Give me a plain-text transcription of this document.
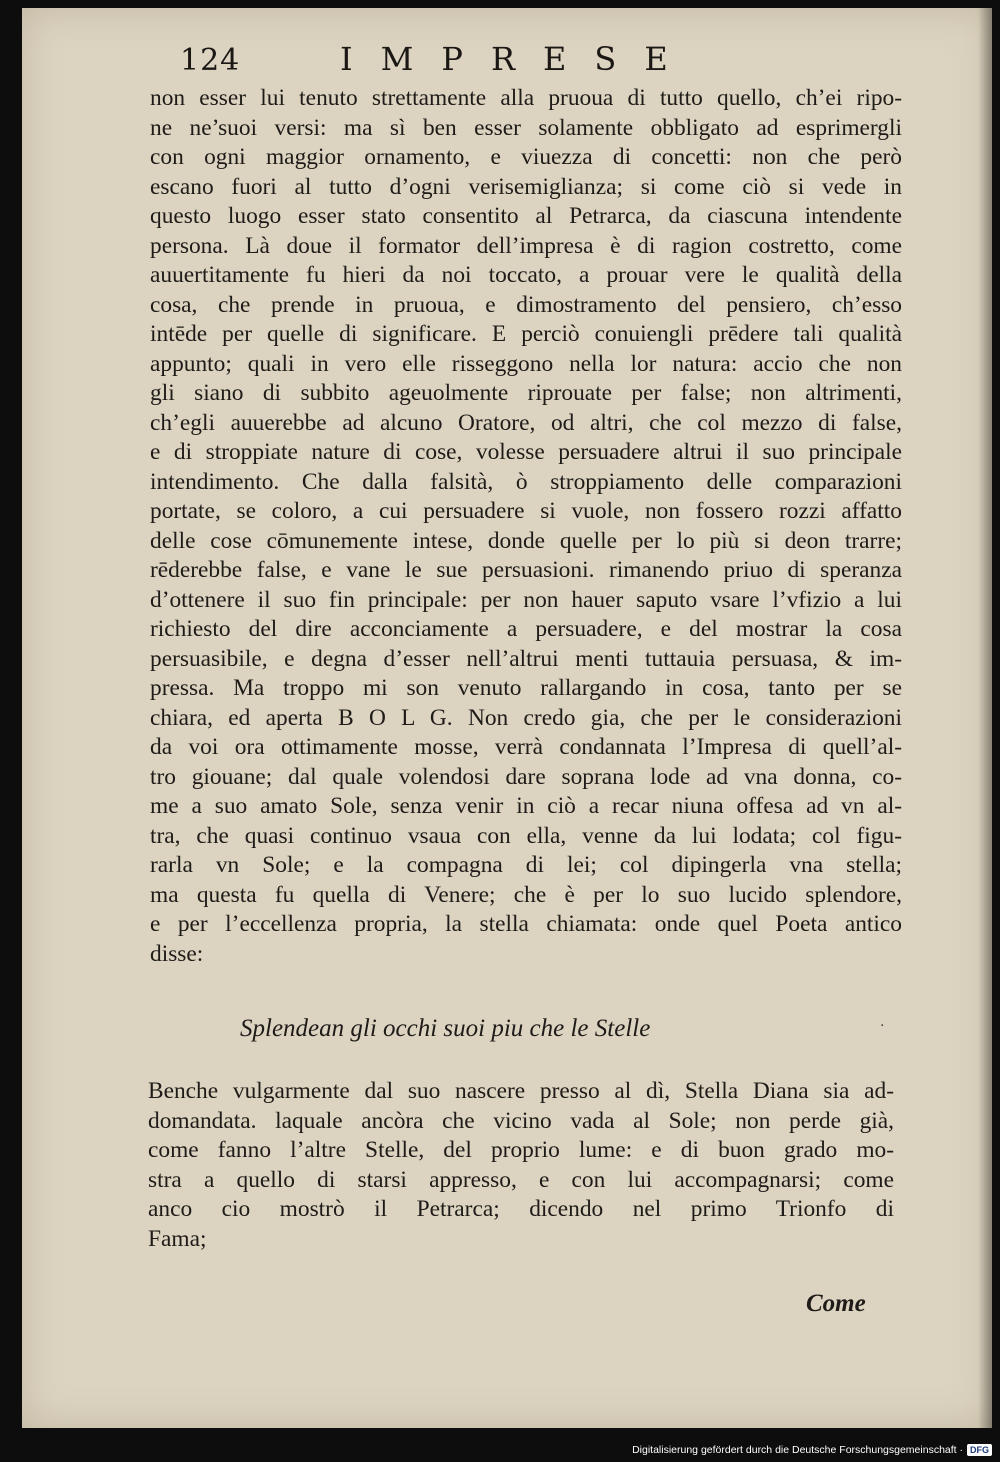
124	IMPRESE
non esser lui tenuto strettamente alla pruoua di tutto quello, ch’ei ripo-
ne ne’suoi versi: ma sì ben esser solamente obbligato ad esprimergli
con ogni maggior ornamento, e viuezza di concetti: non che però
escano fuori al tutto d’ogni verisemiglianza; si come ciò si vede in
questo luogo esser stato consentito al Petrarca, da ciascuna intendente
persona. Là doue il formator dell’impresa è di ragion costretto, come
auuertitamente fu hieri da noi toccato, a prouar vere le qualità della
cosa, che prende in pruoua, e dimostramento del pensiero, ch’esso
intēde per quelle di significare. E perciò conuiengli prēdere tali qualità
appunto; quali in vero elle risseggono nella lor natura: accio che non
gli siano di subbito ageuolmente riprouate per false; non altrimenti,
ch’egli auuerebbe ad alcuno Oratore, od altri, che col mezzo di false,
e di stroppiate nature di cose, volesse persuadere altrui il suo principale
intendimento. Che dalla falsità, ò stroppiamento delle comparazioni
portate, se coloro, a cui persuadere si vuole, non fossero rozzi affatto
delle cose cōmunemente intese, donde quelle per lo più si deon trarre;
rēderebbe false, e vane le sue persuasioni. rimanendo priuo di speranza
d’ottenere il suo fin principale: per non hauer saputo vsare l’vfizio a lui
richiesto del dire acconciamente a persuadere, e del mostrar la cosa
persuasibile, e degna d’esser nell’altrui menti tuttauia persuasa, & im-
pressa. Ma troppo mi son venuto rallargando in cosa, tanto per se
chiara, ed aperta B O L G. Non credo gia, che per le considerazioni
da voi ora ottimamente mosse, verrà condannata l’Impresa di quell’al-
tro giouane; dal quale volendosi dare soprana lode ad vna donna, co-
me a suo amato Sole, senza venir in ciò a recar niuna offesa ad vn al-
tra, che quasi continuo vsaua con ella, venne da lui lodata; col figu-
rarla vn Sole; e la compagna di lei; col dipingerla vna stella;
ma questa fu quella di Venere; che è per lo suo lucido splendore,
e per l’eccellenza propria, la stella chiamata: onde quel Poeta antico
disse:
Splendean gli occhi suoi piu che le Stelle	·
Benche vulgarmente dal suo nascere presso al dì, Stella Diana sia ad-
domandata. laquale ancòra che vicino vada al Sole; non perde già,
come fanno l’altre Stelle, del proprio lume: e di buon grado mo-
stra a quello di starsi appresso, e con lui accompagnarsi; come
anco cio mostrò il Petrarca; dicendo nel primo Trionfo di
Fama;
Come
Digitalisierung gefördert durch die Deutsche Forschungsgemeinschaft · DFG
